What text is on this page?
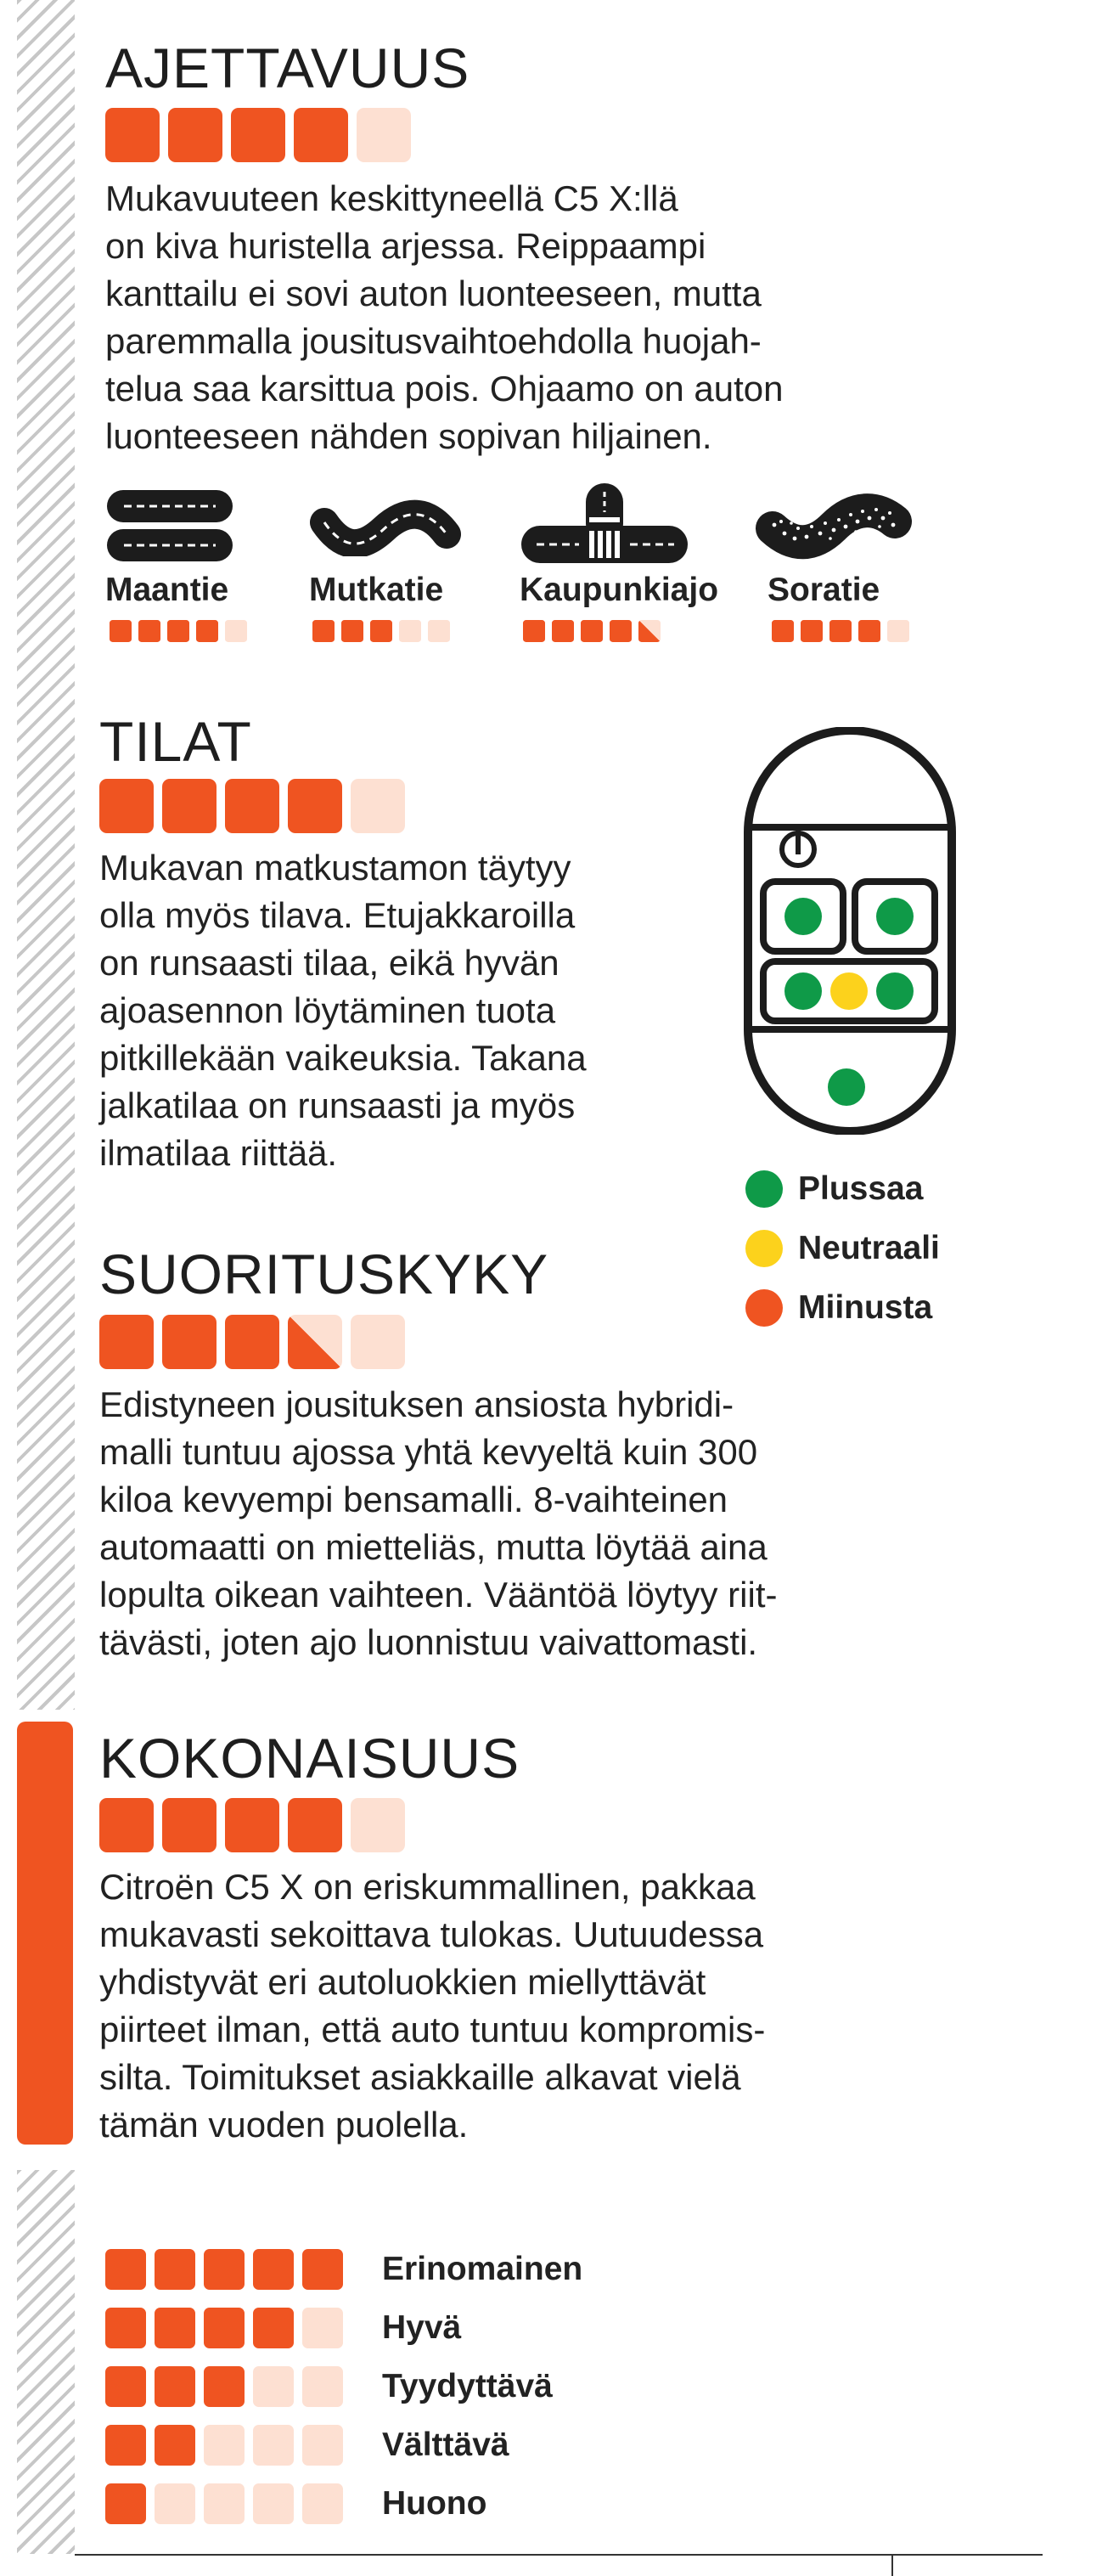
AJETTAVUUS
Mukavuuteen keskittyneellä C5 X:llä
on kiva huristella arjessa. Reippaampi
kanttailu ei sovi auton luonteeseen, mutta
paremmalla jousitusvaihtoehdolla huojah-
telua saa karsittua pois. Ohjaamo on auton
luonteeseen nähden sopivan hiljainen.
Maantie Mutkatie Kaupunkiajo Soratie
TILAT
Mukavan matkustamon täytyy
olla myös tilava. Etujakkaroilla
on runsaasti tilaa, eikä hyvän
ajoasennon löytäminen tuota
pitkillekään vaikeuksia. Takana
jalkatilaa on runsaasti ja myös
ilmatilaa riittää.
Plussaa
Neutraali
Miinusta
SUORITUSKYKY
Edistyneen jousituksen ansiosta hybridi-
malli tuntuu ajossa yhtä kevyeltä kuin 300
kiloa kevyempi bensamalli. 8-vaihteinen
automaatti on mietteliäs, mutta löytää aina
lopulta oikean vaihteen. Vääntöä löytyy riit-
tävästi, joten ajo luonnistuu vaivattomasti.
KOKONAISUUS
Citroën C5 X on eriskummallinen, pakkaa
mukavasti sekoittava tulokas. Uutuudessa
yhdistyvät eri autoluokkien miellyttävät
piirteet ilman, että auto tuntuu kompromis-
silta. Toimitukset asiakkaille alkavat vielä
tämän vuoden puolella.
Erinomainen
Hyvä
Tyydyttävä
Välttävä
Huono
